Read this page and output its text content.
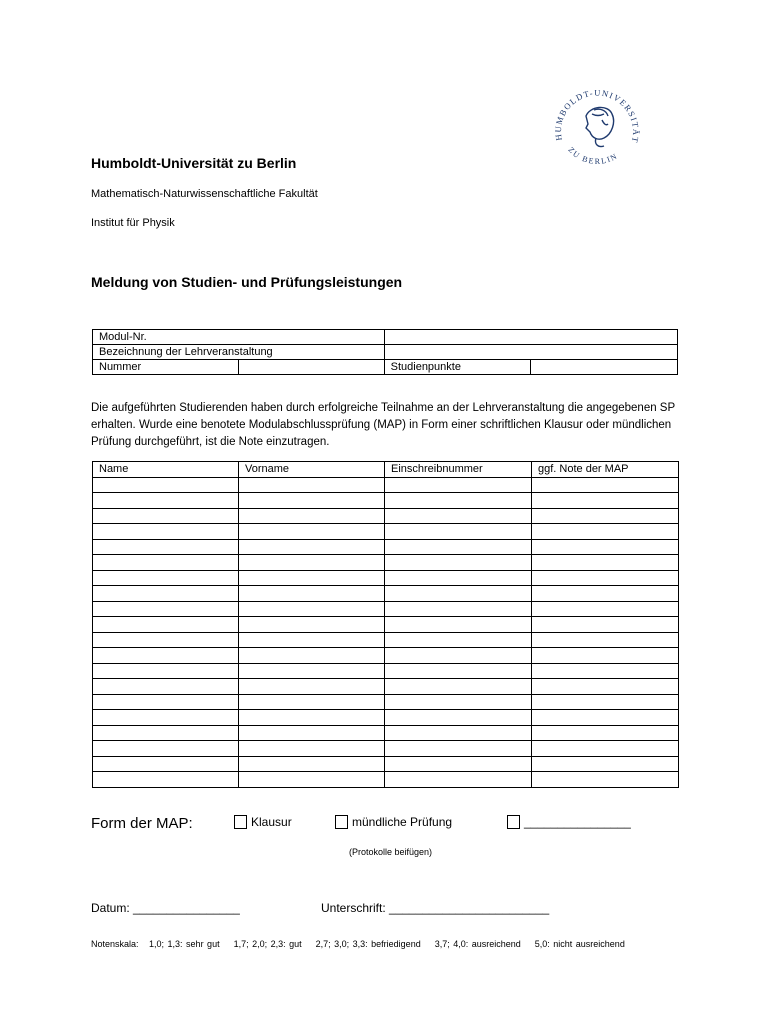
HUMBOLDT-UNIVERSITÄT
ZU BERLIN
Humboldt-Universität zu Berlin
Mathematisch-Naturwissenschaftliche Fakultät
Institut für Physik
Meldung von Studien- und Prüfungsleistungen
Modul-Nr.			
Bezeichnung der Lehrveranstaltung			
Nummer		Studienpunkte	
Die aufgeführten Studierenden haben durch erfolgreiche Teilnahme an der Lehrveranstaltung die angegebenen SP erhalten. Wurde eine benotete Modulabschlussprüfung (MAP) in Form einer schriftlichen Klausur oder mündlichen Prüfung durchgeführt, ist die Note einzutragen.
Name	Vorname	Einschreibnummer	ggf. Note der MAP

Form der MAP:	Klausur	mündliche Prüfung	________________
(Protokolle beifügen)
Datum: ________________	Unterschrift: ________________________
Notenskala:   1,0; 1,3: sehr gut    1,7; 2,0; 2,3: gut    2,7; 3,0; 3,3: befriedigend    3,7; 4,0: ausreichend    5,0: nicht ausreichend
